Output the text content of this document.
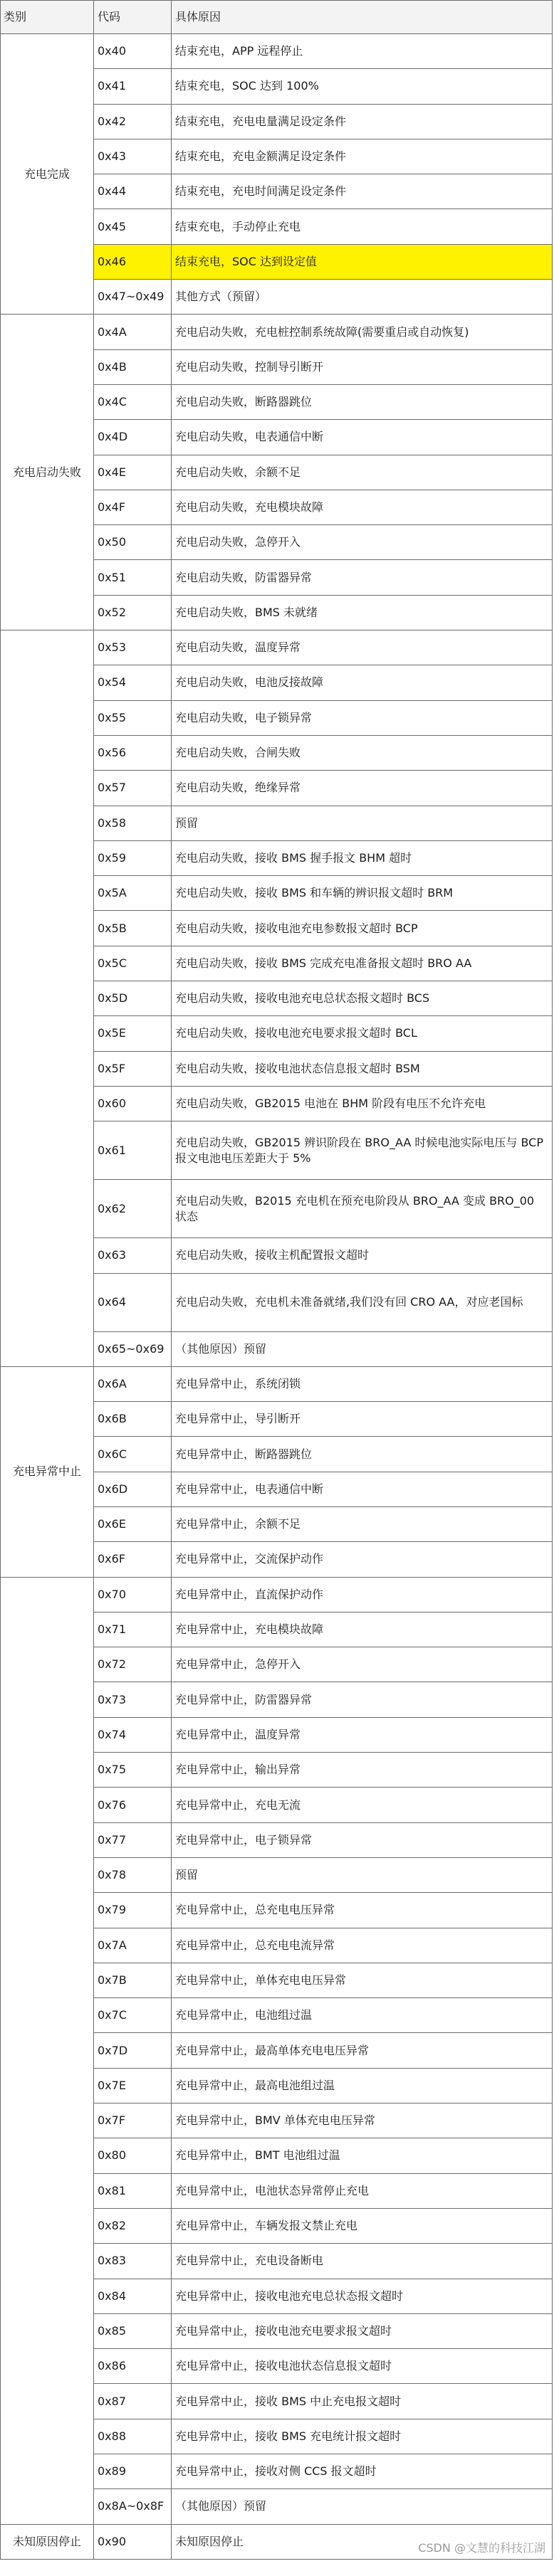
类别	代码	具体原因
充电完成	0x40	结束充电，APP 远程停止
	0x41	结束充电，SOC 达到 100%
	0x42	结束充电，充电电量满足设定条件
	0x43	结束充电，充电金额满足设定条件
	0x44	结束充电，充电时间满足设定条件
	0x45	结束充电，手动停止充电
	0x46	结束充电，SOC 达到设定值
	0x47~0x49	其他方式（预留）
充电启动失败	0x4A	充电启动失败，充电桩控制系统故障(需要重启或自动恢复)
	0x4B	充电启动失败，控制导引断开
	0x4C	充电启动失败，断路器跳位
	0x4D	充电启动失败，电表通信中断
	0x4E	充电启动失败，余额不足
	0x4F	充电启动失败，充电模块故障
	0x50	充电启动失败，急停开入
	0x51	充电启动失败，防雷器异常
	0x52	充电启动失败，BMS 未就绪
	0x53	充电启动失败，温度异常
	0x54	充电启动失败，电池反接故障
	0x55	充电启动失败，电子锁异常
	0x56	充电启动失败，合闸失败
	0x57	充电启动失败，绝缘异常
	0x58	预留
	0x59	充电启动失败，接收 BMS 握手报文 BHM 超时
	0x5A	充电启动失败，接收 BMS 和车辆的辨识报文超时 BRM
	0x5B	充电启动失败，接收电池充电参数报文超时 BCP
	0x5C	充电启动失败，接收 BMS 完成充电准备报文超时 BRO AA
	0x5D	充电启动失败，接收电池充电总状态报文超时 BCS
	0x5E	充电启动失败，接收电池充电要求报文超时 BCL
	0x5F	充电启动失败，接收电池状态信息报文超时 BSM
	0x60	充电启动失败，GB2015 电池在 BHM 阶段有电压不允许充电
	0x61	充电启动失败，GB2015 辨识阶段在 BRO_AA 时候电池实际电压与 BCP 报文电池电压差距大于 5%
	0x62	充电启动失败，B2015 充电机在预充电阶段从 BRO_AA 变成 BRO_00 状态
	0x63	充电启动失败，接收主机配置报文超时
	0x64	充电启动失败，充电机未准备就绪,我们没有回 CRO AA，对应老国标
	0x65~0x69	（其他原因）预留
充电异常中止	0x6A	充电异常中止，系统闭锁
	0x6B	充电异常中止，导引断开
	0x6C	充电异常中止，断路器跳位
	0x6D	充电异常中止，电表通信中断
	0x6E	充电异常中止，余额不足
	0x6F	充电异常中止，交流保护动作
	0x70	充电异常中止，直流保护动作
	0x71	充电异常中止，充电模块故障
	0x72	充电异常中止，急停开入
	0x73	充电异常中止，防雷器异常
	0x74	充电异常中止，温度异常
	0x75	充电异常中止，输出异常
	0x76	充电异常中止，充电无流
	0x77	充电异常中止，电子锁异常
	0x78	预留
	0x79	充电异常中止，总充电电压异常
	0x7A	充电异常中止，总充电电流异常
	0x7B	充电异常中止，单体充电电压异常
	0x7C	充电异常中止，电池组过温
	0x7D	充电异常中止，最高单体充电电压异常
	0x7E	充电异常中止，最高电池组过温
	0x7F	充电异常中止，BMV 单体充电电压异常
	0x80	充电异常中止，BMT 电池组过温
	0x81	充电异常中止，电池状态异常停止充电
	0x82	充电异常中止，车辆发报文禁止充电
	0x83	充电异常中止，充电设备断电
	0x84	充电异常中止，接收电池充电总状态报文超时
	0x85	充电异常中止，接收电池充电要求报文超时
	0x86	充电异常中止，接收电池状态信息报文超时
	0x87	充电异常中止，接收 BMS 中止充电报文超时
	0x88	充电异常中止，接收 BMS 充电统计报文超时
	0x89	充电异常中止，接收对侧 CCS 报文超时
	0x8A~0x8F	（其他原因）预留
未知原因停止	0x90	未知原因停止	CSDN @文慧的科技江湖
